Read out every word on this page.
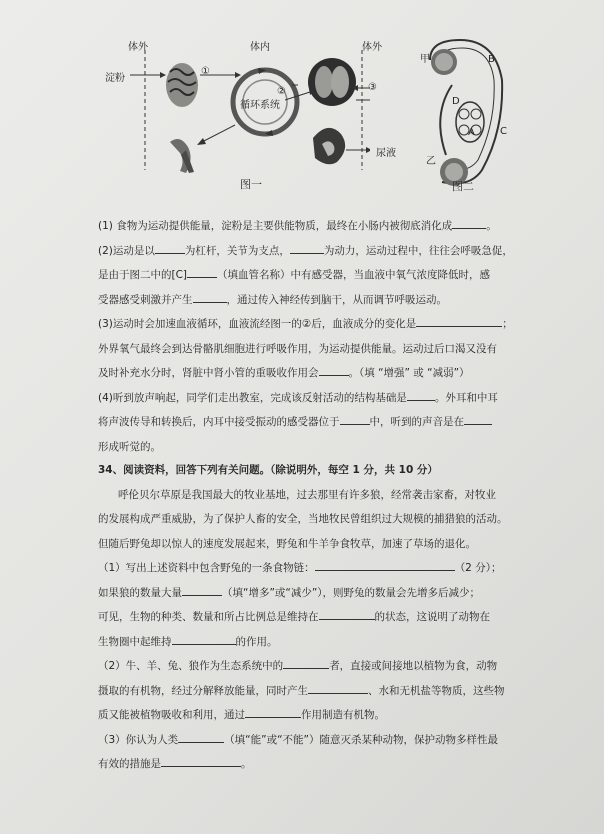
体外	体内	体外
淀粉
①
②	③
循环系统
尿液
图一
甲	B
D
A	C
乙
图二
(1) 食物为运动提供能量，淀粉是主要供能物质，最终在小肠内被彻底消化成	。
(2)运动是以	为杠杆，关节为支点，	为动力，运动过程中，往往会呼吸急促，
是由于图二中的[C]	（填血管名称）中有感受器，当血液中氧气浓度降低时，感
受器感受刺激并产生	，通过传入神经传到脑干，从而调节呼吸运动。
(3)运动时会加速血液循环，血液流经图一的②后，血液成分的变化是	；
外界氧气最终会到达骨骼肌细胞进行呼吸作用，为运动提供能量。运动过后口渴又没有
及时补充水分时，肾脏中肾小管的重吸收作用会	。（填 “增强” 或 “减弱”）
(4)听到放声响起，同学们走出教室，完成该反射活动的结构基础是	。外耳和中耳
将声波传导和转换后，内耳中接受振动的感受器位于	中，听到的声音是在
形成听觉的。
34、阅读资料，回答下列有关问题。（除说明外，每空 1 分，共 10 分）
呼伦贝尔草原是我国最大的牧业基地，过去那里有许多狼，经常袭击家畜，对牧业
的发展构成严重威胁，为了保护人畜的安全，当地牧民曾组织过大规模的捕猎狼的活动。
但随后野兔却以惊人的速度发展起来，野兔和牛羊争食牧草，加速了草场的退化。
（1）写出上述资料中包含野兔的一条食物链：	（2 分）；
如果狼的数量大量	（填“增多”或“减少”），则野兔的数量会先增多后减少；
可见，生物的种类、数量和所占比例总是维持在	的状态，这说明了动物在
生物圈中起维持	的作用。
（2）牛、羊、兔、狼作为生态系统中的	者，直接或间接地以植物为食，动物
摄取的有机物，经过分解释放能量，同时产生	、水和无机盐等物质，这些物
质又能被植物吸收和利用，通过	作用制造有机物。
（3）你认为人类	（填“能”或“不能”）随意灭杀某种动物，保护动物多样性最
有效的措施是	。
